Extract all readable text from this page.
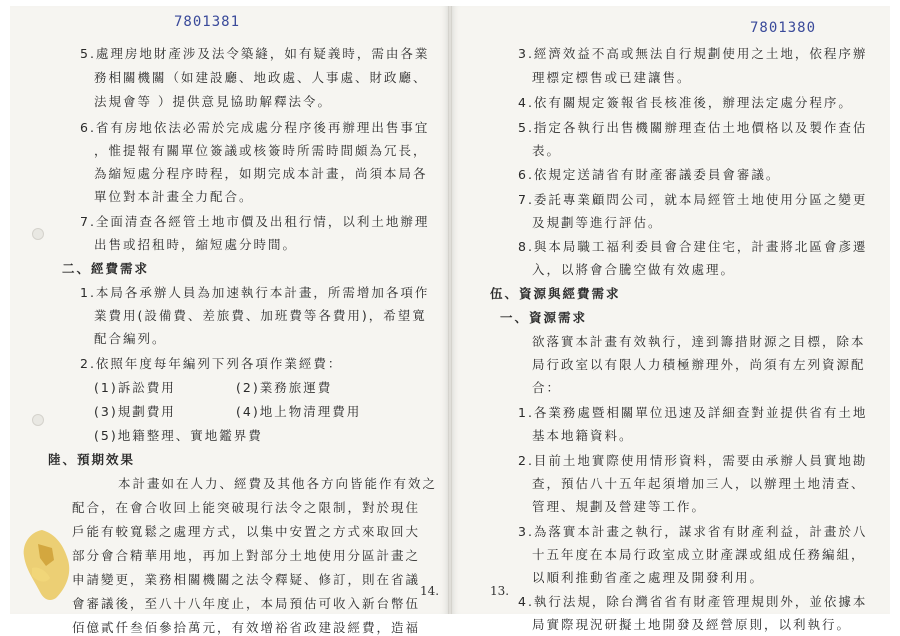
7801381
5.處理房地財產涉及法令築縫，如有疑義時，需由各業
務相關機關（如建設廳、地政處、人事處、財政廳、
法規會等 ）提供意見協助解釋法令。
6.省有房地依法必需於完成處分程序後再辦理出售事宜
，惟提報有關單位簽議或核簽時所需時間頗為冗長，
為縮短處分程序時程，如期完成本計畫，尚須本局各
單位對本計畫全力配合。
7.全面清查各經管土地市價及出租行情，以利土地辦理
出售或招租時，縮短處分時間。
二、經費需求
1.本局各承辦人員為加速執行本計畫，所需增加各項作
業費用(設備費、差旅費、加班費等各費用)，希望寬
配合編列。
2.依照年度每年編列下列各項作業經費：
(1)訴訟費用	(2)業務旅運費
(3)規劃費用	(4)地上物清理費用
(5)地籍整理、實地鑑界費
陸、預期效果
本計畫如在人力、經費及其他各方向皆能作有效之
配合，在會合收回上能突破現行法令之限制，對於現住
戶能有較寬鬆之處理方式，以集中安置之方式來取回大
部分會合精華用地，再加上對部分土地使用分區計畫之
申請變更，業務相關機關之法令釋疑、修訂，則在省議
會審議後，至八十八年度止，本局預估可收入新台幣伍
佰億貳仟叁佰參拾萬元，有效增裕省政建設經費，造福
14.
7801380
3.經濟效益不高或無法自行規劃使用之土地，依程序辦
理標定標售或已建讓售。
4.依有關規定簽報省長核准後，辦理法定處分程序。
5.指定各執行出售機關辦理查估土地價格以及製作查估
表。
6.依規定送請省有財產審議委員會審議。
7.委託專業顧問公司，就本局經管土地使用分區之變更
及規劃等進行評估。
8.與本局職工福利委員會合建住宅，計畫將北區會彥遷
入，以將會合騰空做有效處理。
伍、資源與經費需求
一、資源需求
欲落實本計畫有效執行，達到籌措財源之目標，除本
局行政室以有限人力積極辦理外，尚須有左列資源配
合：
1.各業務處暨相關單位迅速及詳細查對並提供省有土地
基本地籍資料。
2.目前土地實際使用情形資料，需要由承辦人員實地勘
查，預估八十五年起須增加三人，以辦理土地清查、
管理、規劃及營建等工作。
3.為落實本計畫之執行，謀求省有財產利益，計畫於八
十五年度在本局行政室成立財產課或組成任務編組，
以順利推動省產之處理及開發利用。
4.執行法規，除台灣省省有財產管理規則外，並依據本
局實際現況研擬土地開發及經營原則，以利執行。
13.
